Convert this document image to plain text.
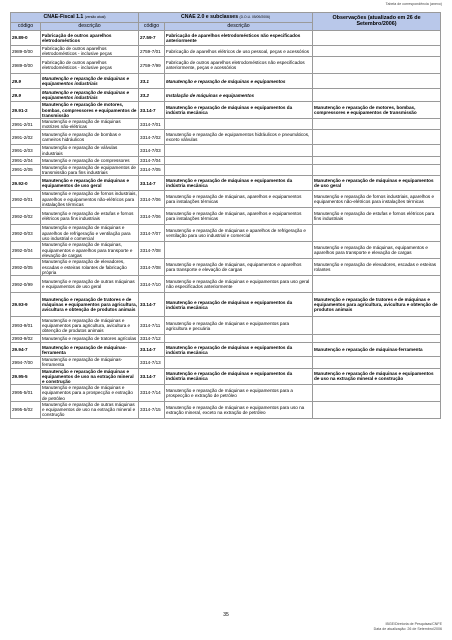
Tabela de correspondência (anexo)
CNAE-Fiscal 1.1 (versão atual)		CNAE 2.0 e subclasses (D.O.U. 05/09/2006)		Observações (atualizado em 26 de Setembro/2006)
código	descrição	código	descrição	
29.89-0	Fabricação de outros aparelhos eletrodomésticos	27.59-7	Fabricação de aparelhos eletrodomésticos não especificados anteriormente	
2989-0/00	Fabricação de outros aparelhos eletrodomésticos - inclusive peças	2759-7/01	Fabricação de aparelhos elétricos de uso pessoal, peças e acessórios	
2989-0/00	Fabricação de outros aparelhos eletrodomésticos - inclusive peças	2759-7/99	Fabricação de outros aparelhos eletrodomésticos não especificados anteriormente, peças e acessórios	
29.9	Manutenção e reparação de máquinas e equipamentos industriais	33.1	Manutenção e reparação de máquinas e equipamentos	
29.9	Manutenção e reparação de máquinas e equipamentos industriais	33.2	Instalação de máquinas e equipamentos	
29.91-2	Manutenção e reparação de motores, bombas, compressores e equipamentos de transmissão	33.14-7	Manutenção e reparação de máquinas e equipamentos da indústria mecânica	Manutenção e reparação de motores, bombas, compressores e equipamentos de transmissão
2991-2/01	Manutenção e reparação de máquinas motrizes não-elétricas	3314-7/01		
2991-2/02	Manutenção e reparação de bombas e carneiros hidráulicos	3314-7/02	Manutenção e reparação de equipamentos hidráulicos e pneumáticos, exceto válvulas	
2991-2/03	Manutenção e reparação de válvulas industriais	3314-7/03		
2991-2/04	Manutenção e reparação de compressores	3314-7/04		
2991-2/05	Manutenção e reparação de equipamentos de transmissão para fins industriais	3314-7/05		
29.92-0	Manutenção e reparação de máquinas e equipamentos de uso geral	33.14-7	Manutenção e reparação de máquinas e equipamentos da indústria mecânica	Manutenção e reparação de máquinas e equipamentos de uso geral
2992-0/01	Manutenção e reparação de fornos industriais, aparelhos e equipamentos não-elétricos para instalações térmicas	3314-7/06	Manutenção e reparação de máquinas, aparelhos e equipamentos para instalações térmicas	Manutenção e reparação de fornos industriais, aparelhos e equipamentos não-elétricos para instalações térmicas
2992-0/02	Manutenção e reparação de estufas e fornos elétricos para fins industriais	3314-7/06	Manutenção e reparação de máquinas, aparelhos e equipamentos para instalações térmicas	Manutenção e reparação de estufas e fornos elétricos para fins industriais
2992-0/03	Manutenção e reparação de máquinas e aparelhos de refrigeração e ventilação para uso industrial e comercial	3314-7/07	Manutenção e reparação de máquinas e aparelhos de refrigeração e ventilação para uso industrial e comercial	
2992-0/04	Manutenção e reparação de máquinas, equipamentos e aparelhos para transporte e elevação de cargas	3314-7/08		Manutenção e reparação de máquinas, equipamentos e aparelhos para transporte e elevação de cargas
2992-0/05	Manutenção e reparação de elevadores, escadas e esteiras rolantes de fabricação própria	3314-7/08	Manutenção e reparação de máquinas, equipamentos e aparelhos para transporte e elevação de cargas	Manutenção e reparação de elevadores, escadas e esteiras rolantes
2992-0/99	Manutenção e reparação de outras máquinas e equipamentos de uso geral	3314-7/10	Manutenção e reparação de máquinas e equipamentos para uso geral não especificados anteriormente	
29.93-9	Manutenção e reparação de tratores e de máquinas e equipamentos para agricultura, avicultura e obtenção de produtos animais	33.14-7	Manutenção e reparação de máquinas e equipamentos da indústria mecânica	Manutenção e reparação de tratores e de máquinas e equipamentos para agricultura, avicultura e obtenção de produtos animais
2993-9/01	Manutenção e reparação de máquinas e equipamentos para agricultura, avicultura e obtenção de produtos animais	3314-7/11	Manutenção e reparação de máquinas e equipamentos para agricultura e pecuária	
2993-9/02	Manutenção e reparação de tratores agrícolas	3314-7/12		
29.94-7	Manutenção e reparação de máquinas-ferramenta	33.14-7	Manutenção e reparação de máquinas e equipamentos da indústria mecânica	Manutenção e reparação de máquinas-ferramenta
2994-7/00	Manutenção e reparação de máquinas-ferramenta	3314-7/13		
29.95-5	Manutenção e reparação de máquinas e equipamentos de uso na extração mineral e construção	33.14-7	Manutenção e reparação de máquinas e equipamentos da indústria mecânica	Manutenção e reparação de máquinas e equipamentos de uso na extração mineral e construção
2995-5/01	Manutenção e reparação de máquinas e equipamentos para a prospecção e extração de petróleo	3314-7/14	Manutenção e reparação de máquinas e equipamentos para a prospecção e extração de petróleo	
2995-5/02	Manutenção e reparação de outras máquinas e equipamentos de uso na extração mineral e construção	3314-7/15	Manutenção e reparação de máquinas e equipamentos para uso na extração mineral, exceto na extração de petróleo	
35
IBGE/Diretoria de Pesquisas/CNFE
Data de atualização: 26 de Setembro/2006
